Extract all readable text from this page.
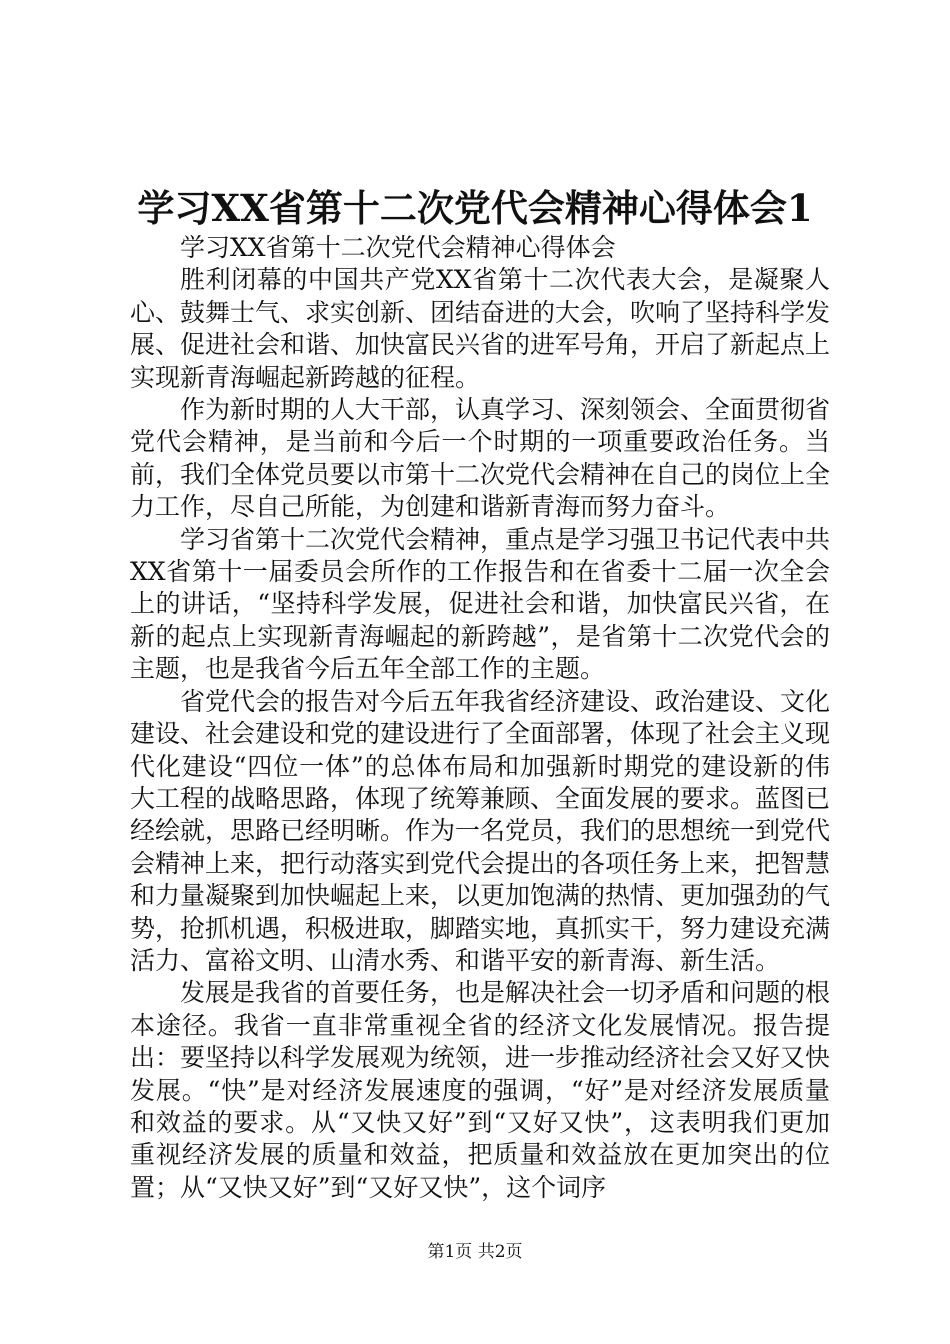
学习XX省第十二次党代会精神心得体会1

学习XX省第十二次党代会精神心得体会

胜利闭幕的中国共产党XX省第十二次代表大会，是凝聚人心、鼓舞士气、求实创新、团结奋进的大会，吹响了坚持科学发展、促进社会和谐、加快富民兴省的进军号角，开启了新起点上实现新青海崛起新跨越的征程。

作为新时期的人大干部，认真学习、深刻领会、全面贯彻省党代会精神，是当前和今后一个时期的一项重要政治任务。当前，我们全体党员要以市第十二次党代会精神在自己的岗位上全力工作，尽自己所能，为创建和谐新青海而努力奋斗。

学习省第十二次党代会精神，重点是学习强卫书记代表中共XX省第十一届委员会所作的工作报告和在省委十二届一次全会上的讲话，“坚持科学发展，促进社会和谐，加快富民兴省，在新的起点上实现新青海崛起的新跨越”，是省第十二次党代会的主题，也是我省今后五年全部工作的主题。

省党代会的报告对今后五年我省经济建设、政治建设、文化建设、社会建设和党的建设进行了全面部署，体现了社会主义现代化建设“四位一体”的总体布局和加强新时期党的建设新的伟大工程的战略思路，体现了统筹兼顾、全面发展的要求。蓝图已经绘就，思路已经明晰。作为一名党员，我们的思想统一到党代会精神上来，把行动落实到党代会提出的各项任务上来，把智慧和力量凝聚到加快崛起上来，以更加饱满的热情、更加强劲的气势，抢抓机遇，积极进取，脚踏实地，真抓实干，努力建设充满活力、富裕文明、山清水秀、和谐平安的新青海、新生活。

发展是我省的首要任务，也是解决社会一切矛盾和问题的根本途径。我省一直非常重视全省的经济文化发展情况。报告提出：要坚持以科学发展观为统领，进一步推动经济社会又好又快发展。“快”是对经济发展速度的强调，“好”是对经济发展质量和效益的要求。从“又快又好”到“又好又快”，这表明我们更加重视经济发展的质量和效益，把质量和效益放在更加突出的位置；从“又快又好”到“又好又快”，这个词序

第1页 共2页
